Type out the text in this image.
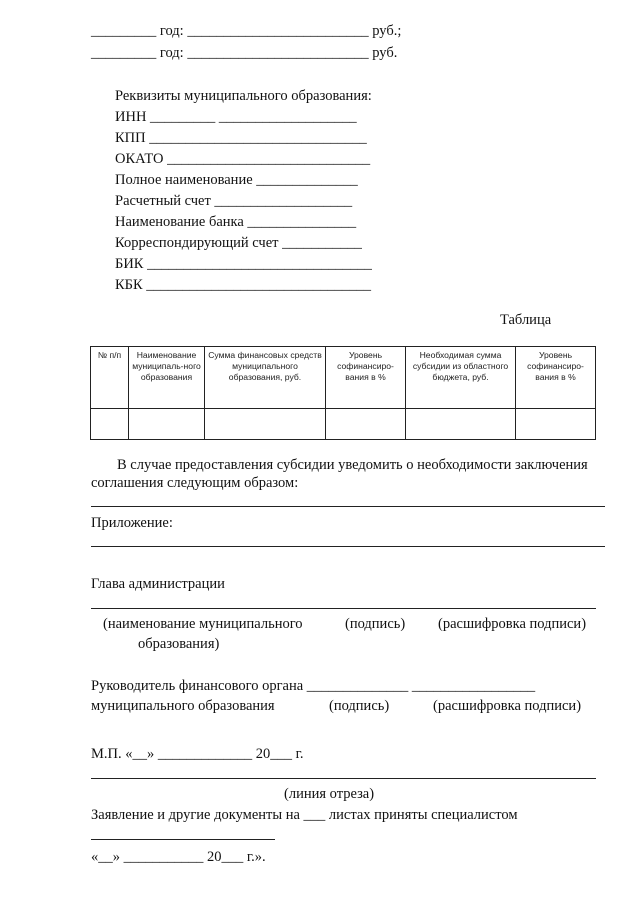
_________ год: _________________________ руб.;
_________ год: _________________________ руб.
Реквизиты муниципального образования:
ИНН _________ ___________________
КПП ______________________________
ОКАТО ____________________________
Полное наименование ______________
Расчетный счет ___________________
Наименование банка _______________
Корреспондирующий счет ___________
БИК _______________________________
КБК _______________________________
Таблица
№ п/п	Наименование муниципаль-ного образования	Сумма финансовых средств муниципального образования, руб.	Уровень софинансиро-вания в %	Необходимая сумма субсидии из областного бюджета, руб.	Уровень софинансиро-вания в %

В случае предоставления субсидии уведомить о необходимости заключения
соглашения следующим образом:
Приложение:
Глава администрации
(наименование муниципального	(подпись) (расшифровка подписи)
образования)
Руководитель финансового органа ______________ _________________
муниципального образования	(подпись)	(расшифровка подписи)
М.П. «__» _____________ 20___ г.
(линия отреза)
Заявление и другие документы на ___ листах приняты специалистом
«__» ___________ 20___ г.».
